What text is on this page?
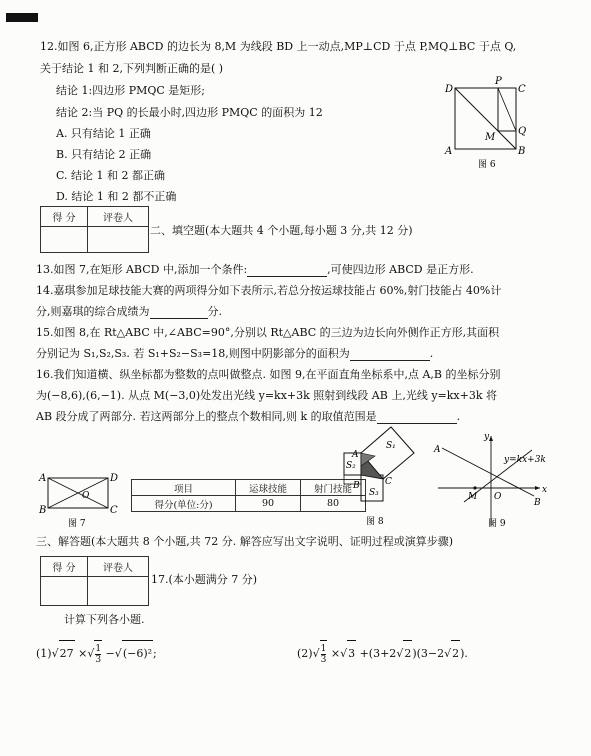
12.如图 6,正方形 ABCD 的边长为 8,M 为线段 BD 上一动点,MP⊥CD 于点 P,MQ⊥BC 于点 Q,
关于结论 1 和 2,下列判断正确的是( )
结论 1:四边形 PMQC 是矩形;
结论 2:当 PQ 的长最小时,四边形 PMQC 的面积为 12
A. 只有结论 1 正确
B. 只有结论 2 正确
C. 结论 1 和 2 都正确
D. 结论 1 和 2 都不正确
D
A
C
B
P
M
Q
图 6
得 分	评卷人

二、填空题(本大题共 4 个小题,每小题 3 分,共 12 分)
13.如图 7,在矩形 ABCD 中,添加一个条件:	,可使四边形 ABCD 是正方形.
14.嘉琪参加足球技能大赛的两项得分如下表所示,若总分按运球技能占 60%,射门技能占 40%计
分,则嘉琪的综合成绩为	分.
15.如图 8,在 Rt△ABC 中,∠ABC=90°,分别以 Rt△ABC 的三边为边长向外侧作正方形,其面积
分别记为 S₁,S₂,S₃. 若 S₁+S₂−S₃=18,则图中阴影部分的面积为	.
16.我们知道横、纵坐标都为整数的点叫做整点. 如图 9,在平面直角坐标系中,点 A,B 的坐标分别
为(−8,6),(6,−1). 从点 M(−3,0)处发出光线 y=kx+3k 照射到线段 AB 上,光线 y=kx+3k 将
AB 段分成了两部分. 若这两部分上的整点个数相同,则 k 的取值范围是	.
A
B
D
C
O
图 7
项目	运球技能	射门技能
得分(单位:分)	90	80
S₁
S₂
S₃
A
B	C
图 8
x
y
y=kx+3k
A
B
M O
图 9
三、解答题(本大题共 8 个小题,共 72 分. 解答应写出文字说明、证明过程或演算步骤)
得 分	评卷人

17.(本小题满分 7 分)
计算下列各小题.
(1)√27 ×√ $\frac{1}{3} -√(-6)^2$;	$(2)√ \frac{1}{3} \times√3 +(3+2√2)(3-2√2)$.
